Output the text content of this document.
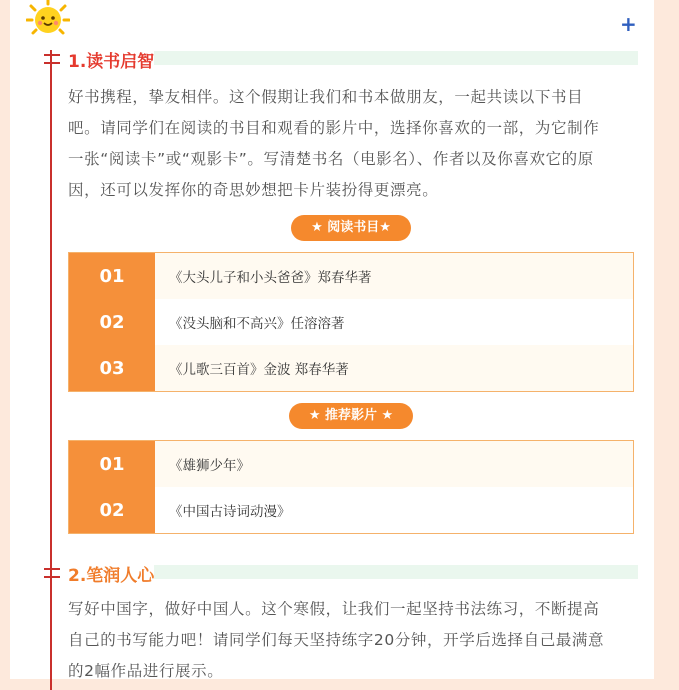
+
1.读书启智
好书携程，挚友相伴。这个假期让我们和书本做朋友，一起共读以下书目
吧。请同学们在阅读的书目和观看的影片中，选择你喜欢的一部，为它制作
一张“阅读卡”或“观影卡”。写清楚书名（电影名）、作者以及你喜欢它的原
因，还可以发挥你的奇思妙想把卡片装扮得更漂亮。
★ 阅读书目★
01	《大头儿子和小头爸爸》郑春华著
02	《没头脑和不高兴》任溶溶著
03	《儿歌三百首》金波 郑春华著
★ 推荐影片 ★
01	《雄狮少年》
02	《中国古诗词动漫》
2.笔润人心
写好中国字，做好中国人。这个寒假，让我们一起坚持书法练习，不断提高
自己的书写能力吧！请同学们每天坚持练字20分钟，开学后选择自己最满意
的2幅作品进行展示。
